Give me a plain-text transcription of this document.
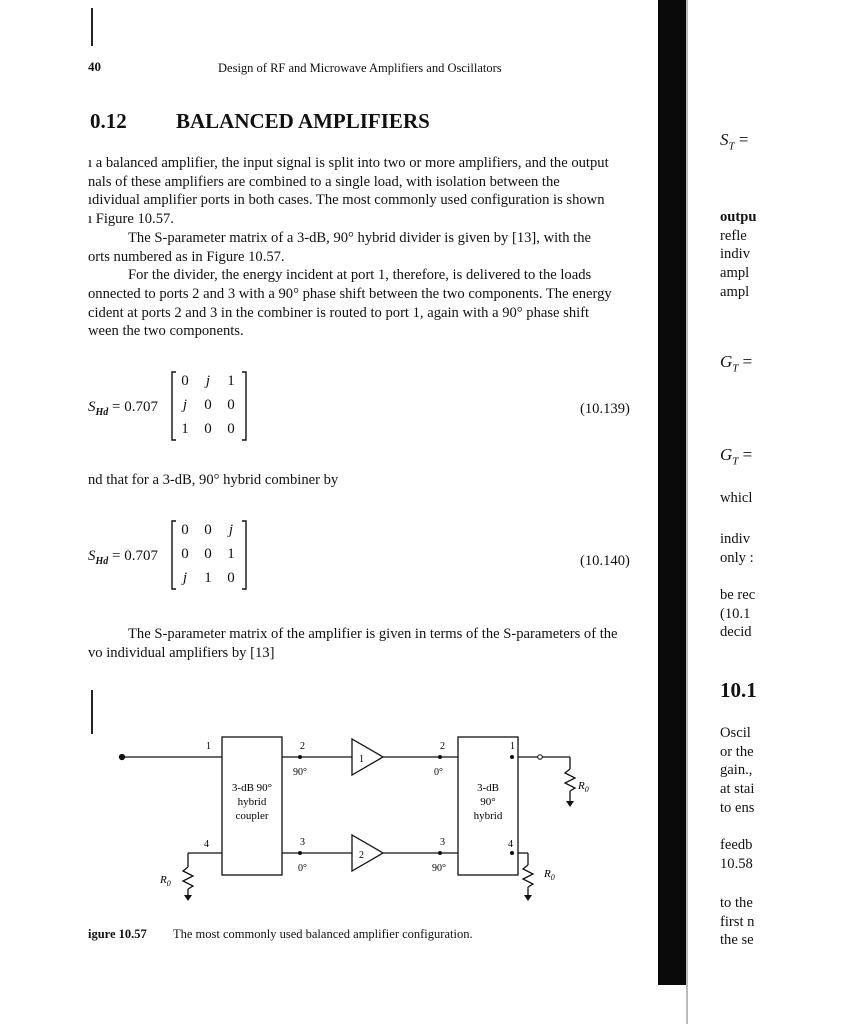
40	Design of RF and Microwave Amplifiers and Oscillators
0.12 BALANCED AMPLIFIERS

ı a balanced amplifier, the input signal is split into two or more amplifiers, and the output

nals of these amplifiers are combined to a single load, with isolation between the

ıdividual amplifier ports in both cases. The most commonly used configuration is shown

ı Figure 10.57.

The S-parameter matrix of a 3-dB, 90° hybrid divider is given by [13], with the

orts numbered as in Figure 10.57.

For the divider, the energy incident at port 1, therefore, is delivered to the loads

onnected to ports 2 and 3 with a 90° phase shift between the two components. The energy

cident at ports 2 and 3 in the combiner is routed to port 1, again with a 90° phase shift

ween the two components.

$S_{Hd} = 0.707$
0	j	1
j	0 0
1 0 0
(10.139)
nd that for a 3-dB, 90° hybrid combiner by
$S_{Hd} = 0.707$
0 0	j
0 0 1
j	1 0
(10.140)

The S-parameter matrix of the amplifier is given in terms of the S-parameters of the

vo individual amplifiers by [13]

1	2
3
4
2
3
1
4
90°
0°
0°
90°
1
2
3-dB 90°
hybrid
coupler
3-dB
90°
hybrid
$R_0$
$R_0$
$R_0$
igure 10.57 The most commonly used balanced amplifier configuration.
$S_T$ =
outpu
refle
indiv
ampl
ampl
$G_T$ =
$G_T$ =
whicl
indiv
only :
be rec
(10.1
decid
10.1
Oscil
or the
gain.,
at stai
to ens
feedb
10.58
to the
first n
the se
